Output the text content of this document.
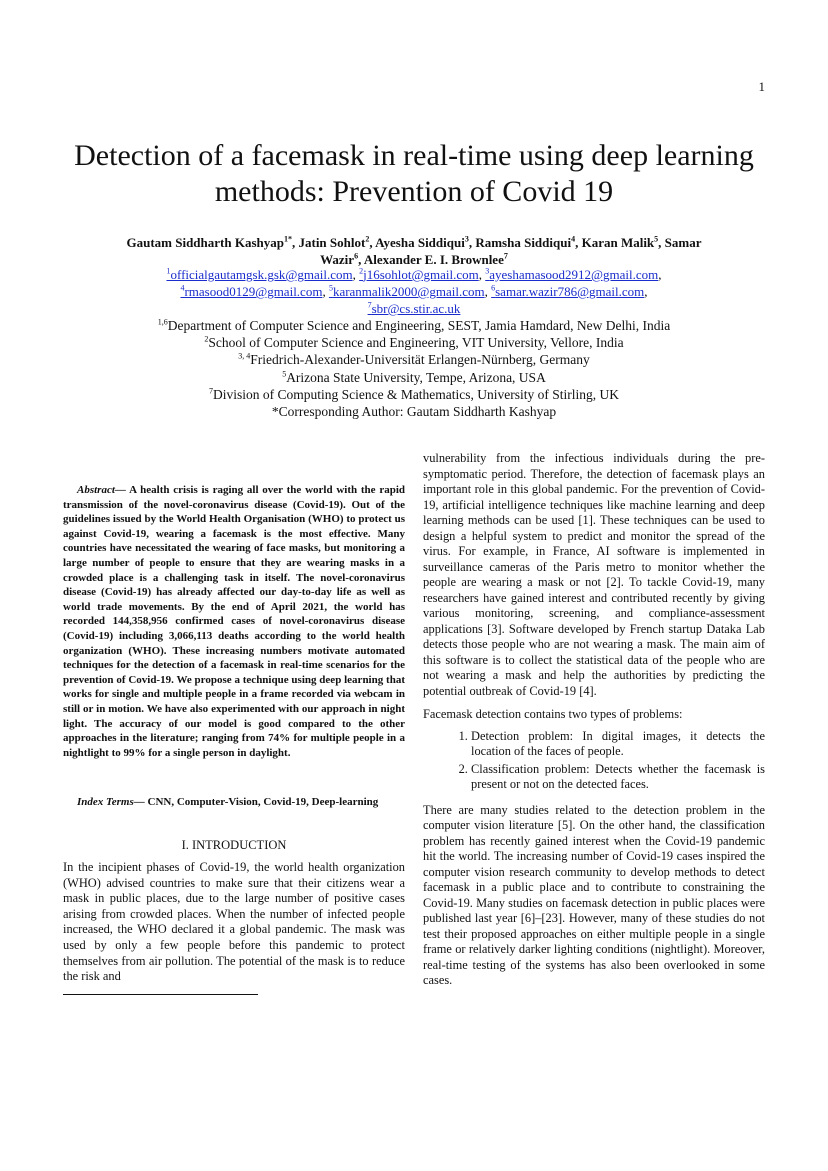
1
Detection of a facemask in real-time using deep learning methods: Prevention of Covid 19
Gautam Siddharth Kashyap$^{1*}$, Jatin Sohlot$^2$, Ayesha Siddiqui$^3$, Ramsha Siddiqui$^4$, Karan Malik$^5$, Samar Wazir$^6$, Alexander E. I. Brownlee$^7$
$^1$officialgautamgsk.gsk@gmail.com, $^2$j16sohlot@gmail.com, $^3$ayeshamasood2912@gmail.com,
$^4$rmasood0129@gmail.com, $^5$karanmalik2000@gmail.com, $^6$samar.wazir786@gmail.com,
$^7$sbr@cs.stir.ac.uk
$^{1,6}$Department of Computer Science and Engineering, SEST, Jamia Hamdard, New Delhi, India
$^2$School of Computer Science and Engineering, VIT University, Vellore, India
$^{3, 4}$Friedrich-Alexander-Universität Erlangen-Nürnberg, Germany
$^5$Arizona State University, Tempe, Arizona, USA
$^7$Division of Computing Science & Mathematics, University of Stirling, UK
*Corresponding Author: Gautam Siddharth Kashyap
Abstract— A health crisis is raging all over the world with the rapid transmission of the novel-coronavirus disease (Covid-19). Out of the guidelines issued by the World Health Organisation (WHO) to protect us against Covid-19, wearing a facemask is the most effective. Many countries have necessitated the wearing of face masks, but monitoring a large number of people to ensure that they are wearing masks in a crowded place is a challenging task in itself. The novel-coronavirus disease (Covid-19) has already affected our day-to-day life as well as world trade movements. By the end of April 2021, the world has recorded 144,358,956 confirmed cases of novel-coronavirus disease (Covid-19) including 3,066,113 deaths according to the world health organization (WHO). These increasing numbers motivate automated techniques for the detection of a facemask in real-time scenarios for the prevention of Covid-19. We propose a technique using deep learning that works for single and multiple people in a frame recorded via webcam in still or in motion. We have also experimented with our approach in night light. The accuracy of our model is good compared to the other approaches in the literature; ranging from 74% for multiple people in a nightlight to 99% for a single person in daylight.
Index Terms— CNN, Computer-Vision, Covid-19, Deep-learning
I. INTRODUCTION
In the incipient phases of Covid-19, the world health organization (WHO) advised countries to make sure that their citizens wear a mask in public places, due to the large number of positive cases arising from crowded places. When the number of infected people increased, the WHO declared it a global pandemic. The mask was used by only a few people before this pandemic to protect themselves from air pollution. The potential of the mask is to reduce the risk and

vulnerability from the infectious individuals during the pre-symptomatic period. Therefore, the detection of facemask plays an important role in this global pandemic. For the prevention of Covid-19, artificial intelligence techniques like machine learning and deep learning methods can be used [1]. These techniques can be used to design a helpful system to predict and monitor the spread of the virus. For example, in France, AI software is implemented in surveillance cameras of the Paris metro to monitor whether the people are wearing a mask or not [2]. To tackle Covid-19, many researchers have gained interest and contributed recently by giving various monitoring, screening, and compliance-assessment applications [3]. Software developed by French startup Dataka Lab detects those people who are not wearing a mask. The main aim of this software is to collect the statistical data of the people who are not wearing a mask and help the authorities by predicting the potential outbreak of Covid-19 [4].

Facemask detection contains two types of problems:

1. Detection problem: In digital images, it detects the location of the faces of people.
2. Classification problem: Detects whether the facemask is present or not on the detected faces.

There are many studies related to the detection problem in the computer vision literature [5]. On the other hand, the classification problem has recently gained interest when the Covid-19 pandemic hit the world. The increasing number of Covid-19 cases inspired the computer vision research community to develop methods to detect facemask in a public place and to contribute to constraining the Covid-19. Many studies on facemask detection in public places were published last year [6]–[23]. However, many of these studies do not test their proposed approaches on either multiple people in a single frame or relatively darker lighting conditions (nightlight). Moreover, real-time testing of the systems has also been overlooked in some cases.
